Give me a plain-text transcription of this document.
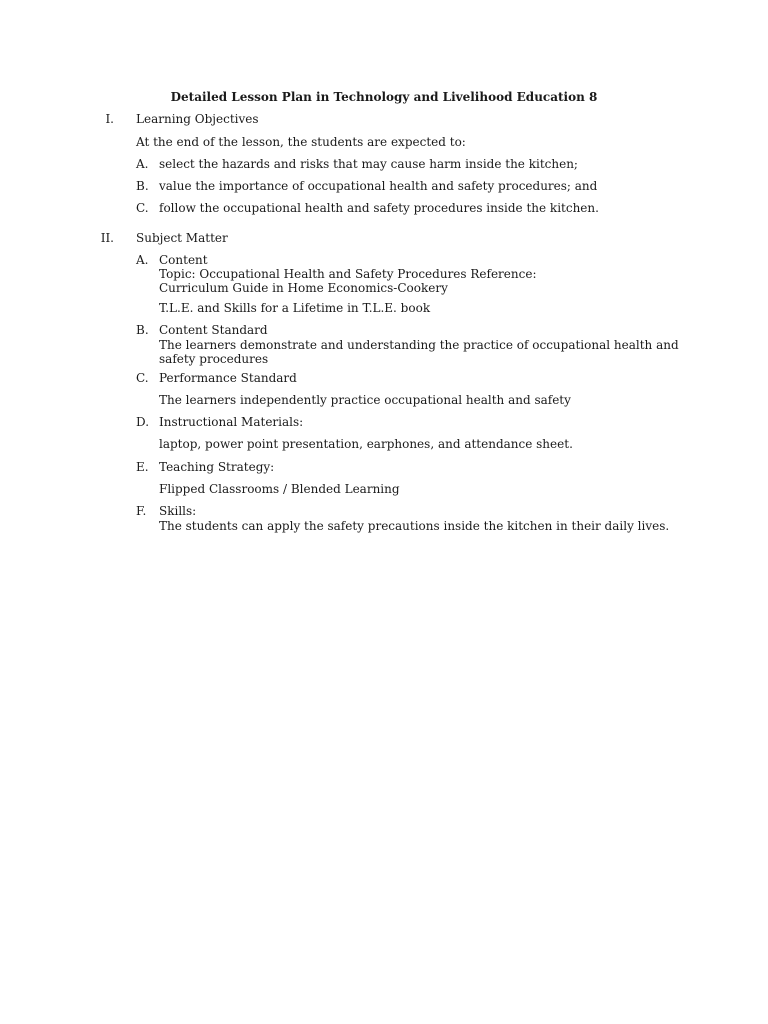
Detailed Lesson Plan in Technology and Livelihood Education 8
I. Learning Objectives
At the end of the lesson, the students are expected to:
A. select the hazards and risks that may cause harm inside the kitchen;
B. value the importance of occupational health and safety procedures; and
C. follow the occupational health and safety procedures inside the kitchen.
II. Subject Matter
A. Content
Topic: Occupational Health and Safety Procedures Reference:
Curriculum Guide in Home Economics-Cookery
T.L.E. and Skills for a Lifetime in T.L.E. book
B. Content Standard
The learners demonstrate and understanding the practice of occupational health and
safety procedures
C. Performance Standard
The learners independently practice occupational health and safety
D. Instructional Materials:
laptop, power point presentation, earphones, and attendance sheet.
E. Teaching Strategy:
Flipped Classrooms / Blended Learning
F.	Skills:
The students can apply the safety precautions inside the kitchen in their daily lives.
